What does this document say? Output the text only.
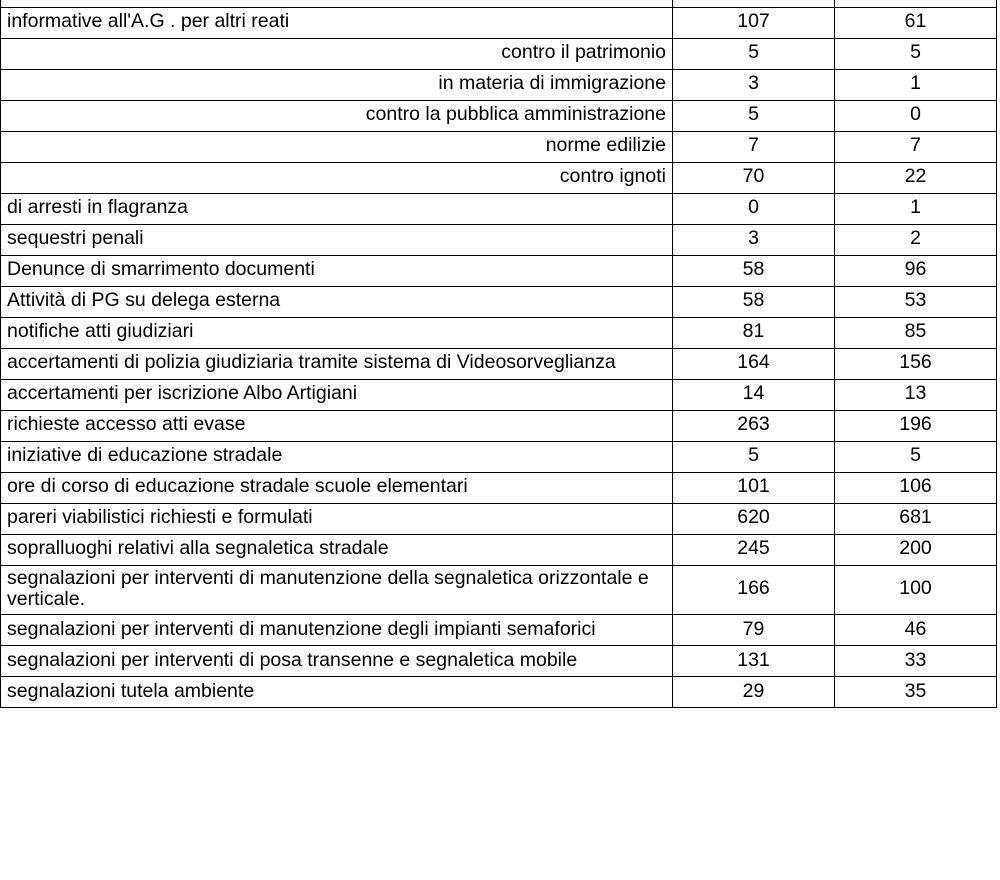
informative all'A.G . per altri reati	107	61
contro il patrimonio	5	5
in materia di immigrazione	3	1
contro la pubblica amministrazione	5	0
norme edilizie	7	7
contro ignoti	70	22
di arresti in flagranza	0	1
sequestri penali	3	2
Denunce di smarrimento documenti	58	96
Attività di PG su delega esterna	58	53
notifiche atti giudiziari	81	85
accertamenti di polizia giudiziaria tramite sistema di Videosorveglianza	164	156
accertamenti per iscrizione Albo Artigiani	14	13
richieste accesso atti evase	263	196
iniziative di educazione stradale	5	5
ore di corso di educazione stradale scuole elementari	101	106
pareri viabilistici richiesti e formulati	620	681
sopralluoghi relativi alla segnaletica stradale	245	200
segnalazioni per interventi di manutenzione della segnaletica orizzontale e verticale.	166	100
segnalazioni per interventi di manutenzione degli impianti semaforici	79	46
segnalazioni per interventi di posa transenne e segnaletica mobile	131	33
segnalazioni tutela ambiente	29	35
